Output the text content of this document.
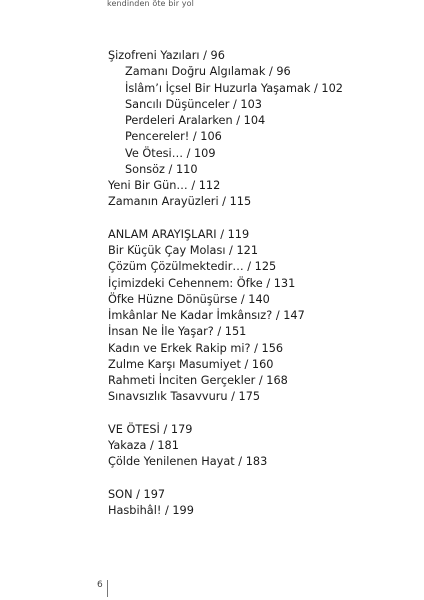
kendinden öte bir yol
Şizofreni Yazıları / 96
Zamanı Doğru Algılamak / 96
İslâm’ı İçsel Bir Huzurla Yaşamak / 102
Sancılı Düşünceler / 103
Perdeleri Aralarken / 104
Pencereler! / 106
Ve Ötesi… / 109
Sonsöz / 110
Yeni Bir Gün… / 112
Zamanın Arayüzleri / 115
ANLAM ARAYIŞLARI / 119
Bir Küçük Çay Molası / 121
Çözüm Çözülmektedir… / 125
İçimizdeki Cehennem: Öfke / 131
Öfke Hüzne Dönüşürse / 140
İmkânlar Ne Kadar İmkânsız? / 147
İnsan Ne İle Yaşar? / 151
Kadın ve Erkek Rakip mi? / 156
Zulme Karşı Masumiyet / 160
Rahmeti İnciten Gerçekler / 168
Sınavsızlık Tasavvuru / 175
VE ÖTESİ / 179
Yakaza / 181
Çölde Yenilenen Hayat / 183
SON / 197
Hasbihâl! / 199
6
